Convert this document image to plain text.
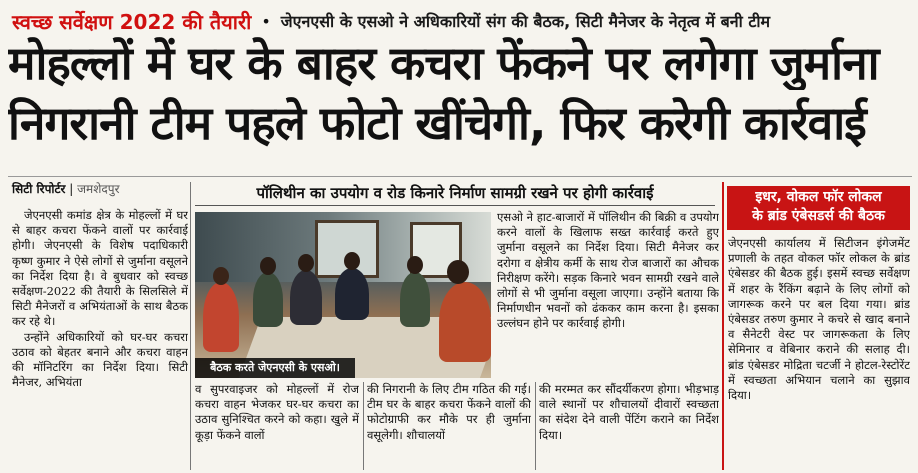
स्वच्छ सर्वेक्षण 2022 की तैयारी • जेएनएसी के एसओ ने अधिकारियों संग की बैठक, सिटी मैनेजर के नेतृत्व में बनी टीम
मोहल्लों में घर के बाहर कचरा फेंकने पर लगेगा जुर्माना
निगरानी टीम पहले फोटो खींचेगी, फिर करेगी कार्रवाई
सिटी रिपोर्टर | जमशेदपुर

जेएनएसी कमांड क्षेत्र के मोहल्लों में घर से बाहर कचरा फेंकने वालों पर कार्रवाई होगी। जेएनएसी के विशेष पदाधिकारी कृष्ण कुमार ने ऐसे लोगों से जुर्माना वसूलने का निर्देश दिया है। वे बुधवार को स्वच्छ सर्वेक्षण-2022 की तैयारी के सिलसिले में सिटी मैनेजरों व अभियंताओं के साथ बैठक कर रहे थे।

उन्होंने अधिकारियों को घर-घर कचरा उठाव को बेहतर बनाने और कचरा वाहन की मॉनिटरिंग का निर्देश दिया। सिटी मैनेजर, अभियंता

पॉलिथीन का उपयोग व रोड किनारे निर्माण सामग्री रखने पर होगी कार्रवाई
बैठक करते जेएनएसी के एसओ।

एसओ ने हाट-बाजारों में पॉलिथीन की बिक्री व उपयोग करने वालों के खिलाफ सख्त कार्रवाई करते हुए जुर्माना वसूलने का निर्देश दिया। सिटी मैनेजर कर दरोगा व क्षेत्रीय कर्मी के साथ रोज बाजारों का औचक निरीक्षण करेंगे। सड़क किनारे भवन सामग्री रखने वाले लोगों से भी जुर्माना वसूला जाएगा। उन्होंने बताया कि निर्माणधीन भवनों को ढंककर काम करना है। इसका उल्लंघन होने पर कार्रवाई होगी।

व सुपरवाइजर को मोहल्लों में रोज कचरा वाहन भेजकर घर-घर कचरा का उठाव सुनिश्चित करने को कहा। खुले में कूड़ा फेंकने वालों

की निगरानी के लिए टीम गठित की गई। टीम घर के बाहर कचरा फेंकने वालों की फोटोग्राफी कर मौके पर ही जुर्माना वसूलेगी। शौचालयों

की मरम्मत कर सौंदर्यीकरण होगा। भीड़भाड़ वाले स्थानों पर शौचालयों दीवारों स्वच्छता का संदेश देने वाली पेंटिंग कराने का निर्देश दिया।

इधर, वोकल फॉर लोकल
के ब्रांड एंबेसडर्स की बैठक

जेएनएसी कार्यालय में सिटीजन इंगेजमेंट प्रणाली के तहत वोकल फॉर लोकल के ब्रांड एंबेसडर की बैठक हुई। इसमें स्वच्छ सर्वेक्षण में शहर के रैंकिंग बढ़ाने के लिए लोगों को जागरूक करने पर बल दिया गया। ब्रांड एंबेसडर तरुण कुमार ने कचरे से खाद बनाने व सैनेटरी वेस्ट पर जागरूकता के लिए सेमिनार व वेबिनार कराने की सलाह दी। ब्रांड एंबेसडर मोद्रिता चटर्जी ने होटल-रेस्टोरेंट में स्वच्छता अभियान चलाने का सुझाव दिया।
